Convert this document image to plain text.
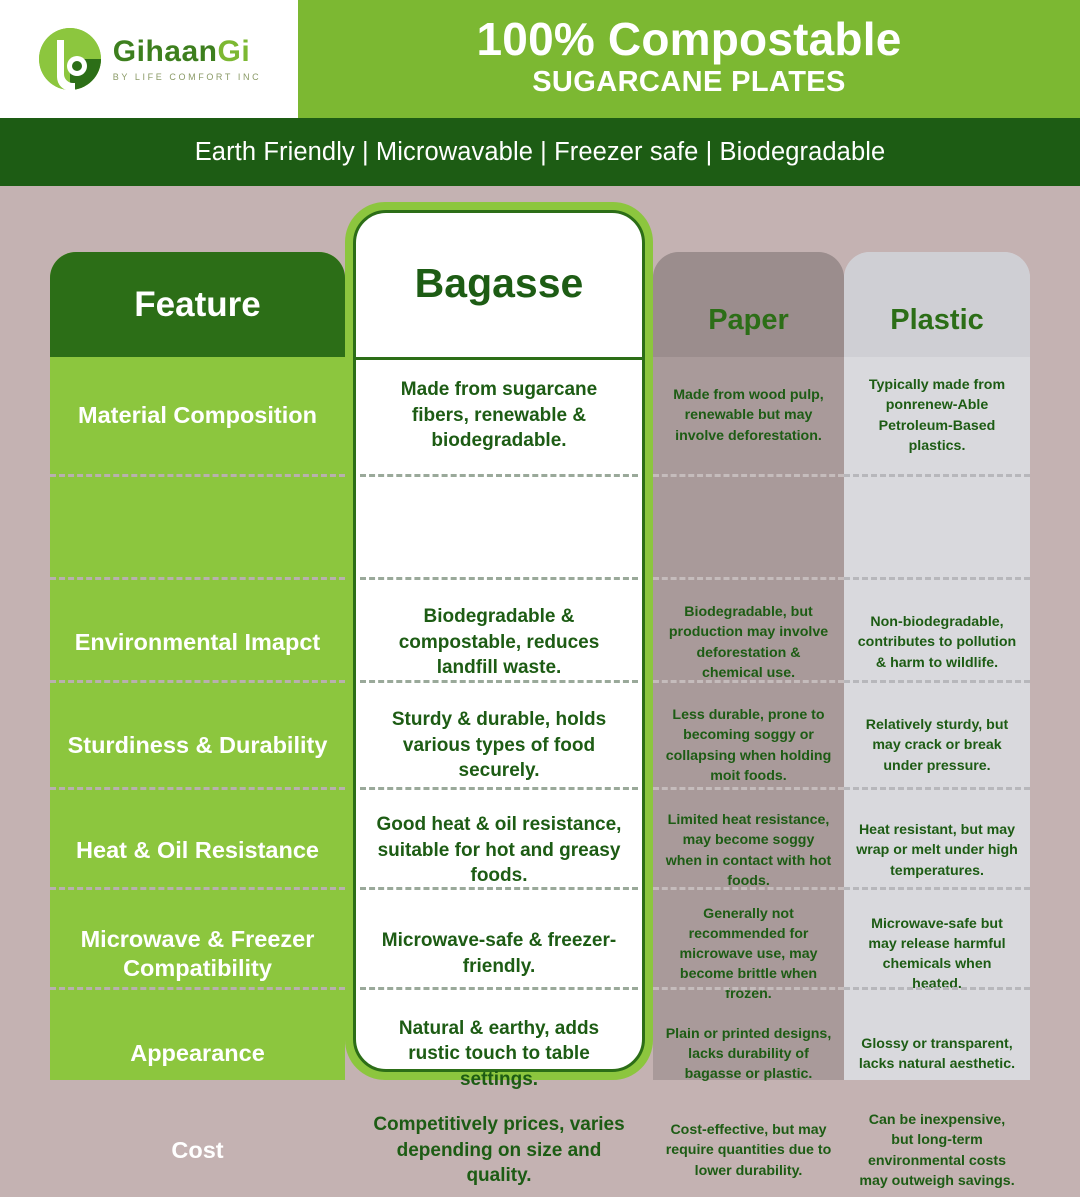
GihaanGi
BY LIFE COMFORT INC
100% Compostable
SUGARCANE PLATES
Earth Friendly | Microwavable | Freezer safe | Biodegradable
Feature	Paper	Plastic
Bagasse
Material Composition
Made from sugarcane fibers, renewable & biodegradable.
Made from wood pulp, renewable but may involve deforestation.
Typically made from ponrenew-Able Petroleum-Based plastics.
Environmental Imapct
Biodegradable & compostable, reduces landfill waste.
Biodegradable, but production may involve deforestation & chemical use.
Non-biodegradable, contributes to pollution & harm to wildlife.
Sturdiness & Durability
Sturdy & durable, holds various types of food securely.
Less durable, prone to becoming soggy or collapsing when holding moit foods.
Relatively sturdy, but may crack or break under pressure.
Heat & Oil Resistance
Good heat & oil resistance, suitable for hot and greasy foods.
Limited heat resistance, may become soggy when in contact with hot foods.
Heat resistant, but may wrap or melt under high temperatures.
Microwave & Freezer Compatibility
Microwave-safe & freezer-friendly.
Generally not recommended for microwave use, may become brittle when frozen.
Microwave-safe but may release harmful chemicals when heated.
Appearance
Natural & earthy, adds rustic touch to table settings.
Plain or printed designs, lacks durability of bagasse or plastic.
Glossy or transparent, lacks natural aesthetic.
Cost
Competitively prices, varies depending on size and quality.
Cost-effective, but may require quantities due to lower durability.
Can be inexpensive, but long-term environmental costs may outweigh savings.
